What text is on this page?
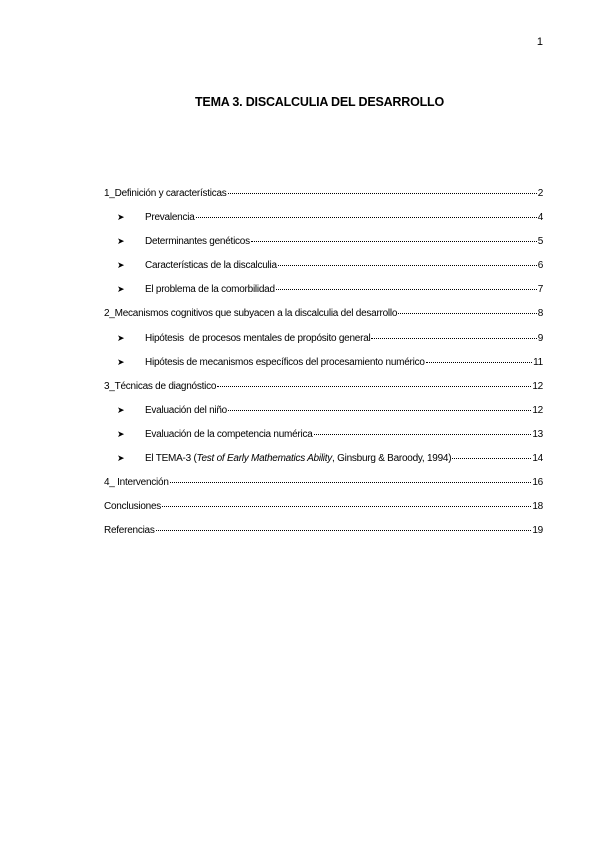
1
TEMA 3. DISCALCULIA DEL DESARROLLO
1_Definición y características	2
➤	Prevalencia	4
➤	Determinantes genéticos	5
➤	Características de la discalculia	6
➤	El problema de la comorbilidad	7
2_Mecanismos cognitivos que subyacen a la discalculia del desarrollo	8
➤	Hipótesis  de procesos mentales de propósito general	9
➤	Hipótesis de mecanismos específicos del procesamiento numérico	11
3_Técnicas de diagnóstico	12
➤	Evaluación del niño	12
➤	Evaluación de la competencia numérica	13
➤	El TEMA-3 (Test of Early Mathematics Ability, Ginsburg & Baroody, 1994)	14
4_ Intervención	16
Conclusiones	18
Referencias	19
